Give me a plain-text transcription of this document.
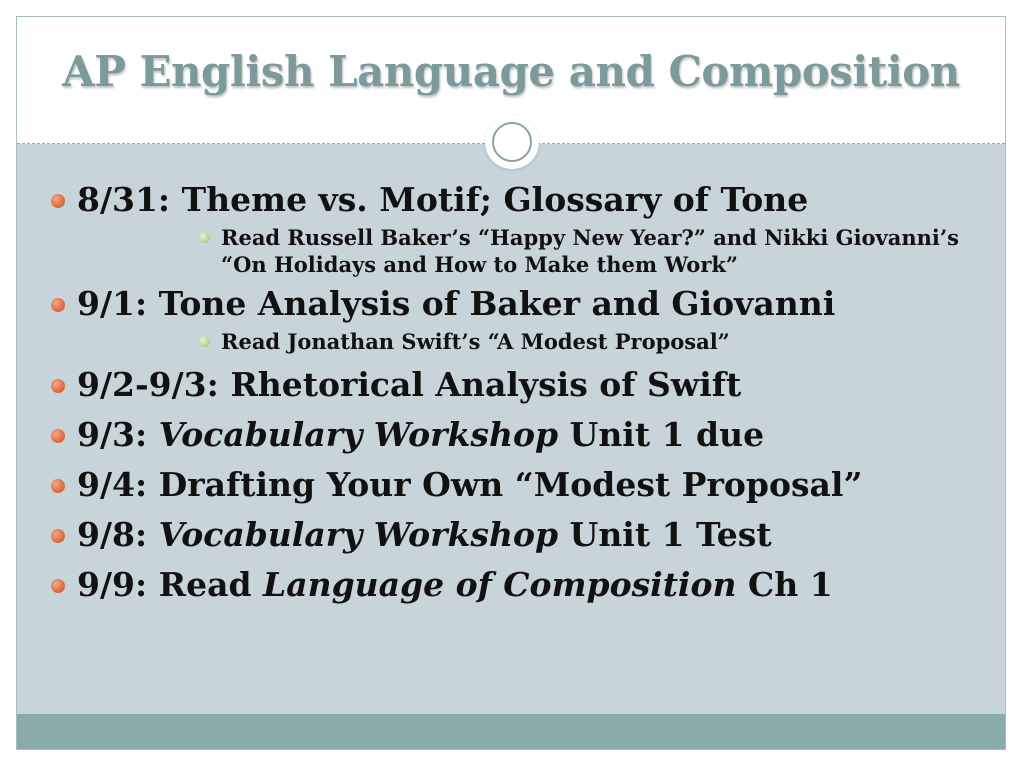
AP English Language and Composition
8/31: Theme vs. Motif; Glossary of Tone
Read Russell Baker’s “Happy New Year?” and Nikki Giovanni’s “On Holidays and How to Make them Work”
9/1: Tone Analysis of Baker and Giovanni
Read Jonathan Swift’s “A Modest Proposal”
9/2-9/3: Rhetorical Analysis of Swift
9/3: Vocabulary Workshop Unit 1 due
9/4: Drafting Your Own “Modest Proposal”
9/8: Vocabulary Workshop Unit 1 Test
9/9: Read Language of Composition Ch 1
